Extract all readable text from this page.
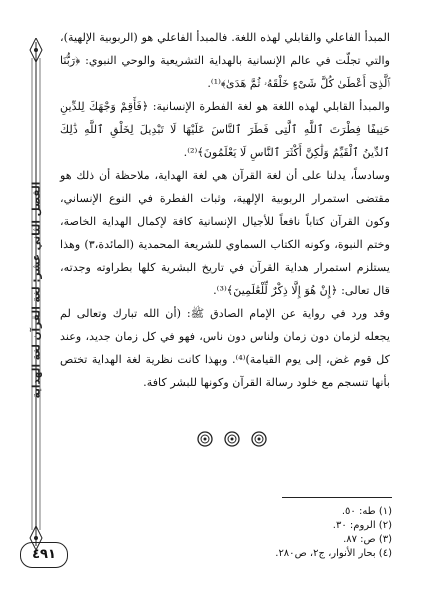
الفصل الثاني عشر: لغة القرآن لغة الهداية

المبدأ الفاعلي والقابلي لهذه اللغة. فالمبدأ الفاعلي هو (الربوبية الإلهية)، والتي تجلّت في عالم الإنسانية بالهداية التشريعية والوحي النبوي: ﴿رَبُّنَا ٱلَّذِىٓ أَعْطَىٰ كُلَّ شَىْءٍ خَلْقَهُۥ ثُمَّ هَدَىٰ﴾⁽¹⁾.

والمبدأ القابلي لهذه اللغة هو لغة الفطرة الإنسانية: ﴿فَأَقِمْ وَجْهَكَ لِلدِّينِ حَنِيفًا فِطْرَتَ ٱللَّهِ ٱلَّتِى فَطَرَ ٱلنَّاسَ عَلَيْهَا لَا تَبْدِيلَ لِخَلْقِ ٱللَّهِ ذَٰلِكَ ٱلدِّينُ ٱلْقَيِّمُ وَلَٰكِنَّ أَكْثَرَ ٱلنَّاسِ لَا يَعْلَمُونَ﴾⁽²⁾.

وسادساً، يدلنا على أن لغة القرآن هي لغة الهداية، ملاحظة أن ذلك هو مقتضى استمرار الربوبية الإلهية، وثبات الفطرة في النوع الإنساني، وكون القرآن كتاباً نافعاً للأجيال الإنسانية كافة لإكمال الهداية الخاصة، وختم النبوة، وكونه الكتاب السماوي للشريعة المحمدية (المائدة،٣) وهذا يستلزم استمرار هداية القرآن في تاريخ البشرية كلها بطراوته وجدته، قال تعالى: ﴿إِنْ هُوَ إِلَّا ذِكْرٌ لِّلْعَٰلَمِينَ﴾⁽³⁾.

وقد ورد في رواية عن الإمام الصادق ﷺ: (أن الله تبارك وتعالى لم يجعله لزمان دون زمان ولناس دون ناس، فهو في كل زمان جديد، وعند كل قوم غض، إلى يوم القيامة)⁽⁴⁾. وبهذا كانت نظرية لغة الهداية تختص بأنها تنسجم مع خلود رسالة القرآن وكونها للبشر كافة.

(١) طه: ٥٠.
(٢) الروم: ٣٠.
(٣) ص: ٨٧.
(٤) بحار الأنوار، ج٢، ص٢٨٠.
٤٩١
